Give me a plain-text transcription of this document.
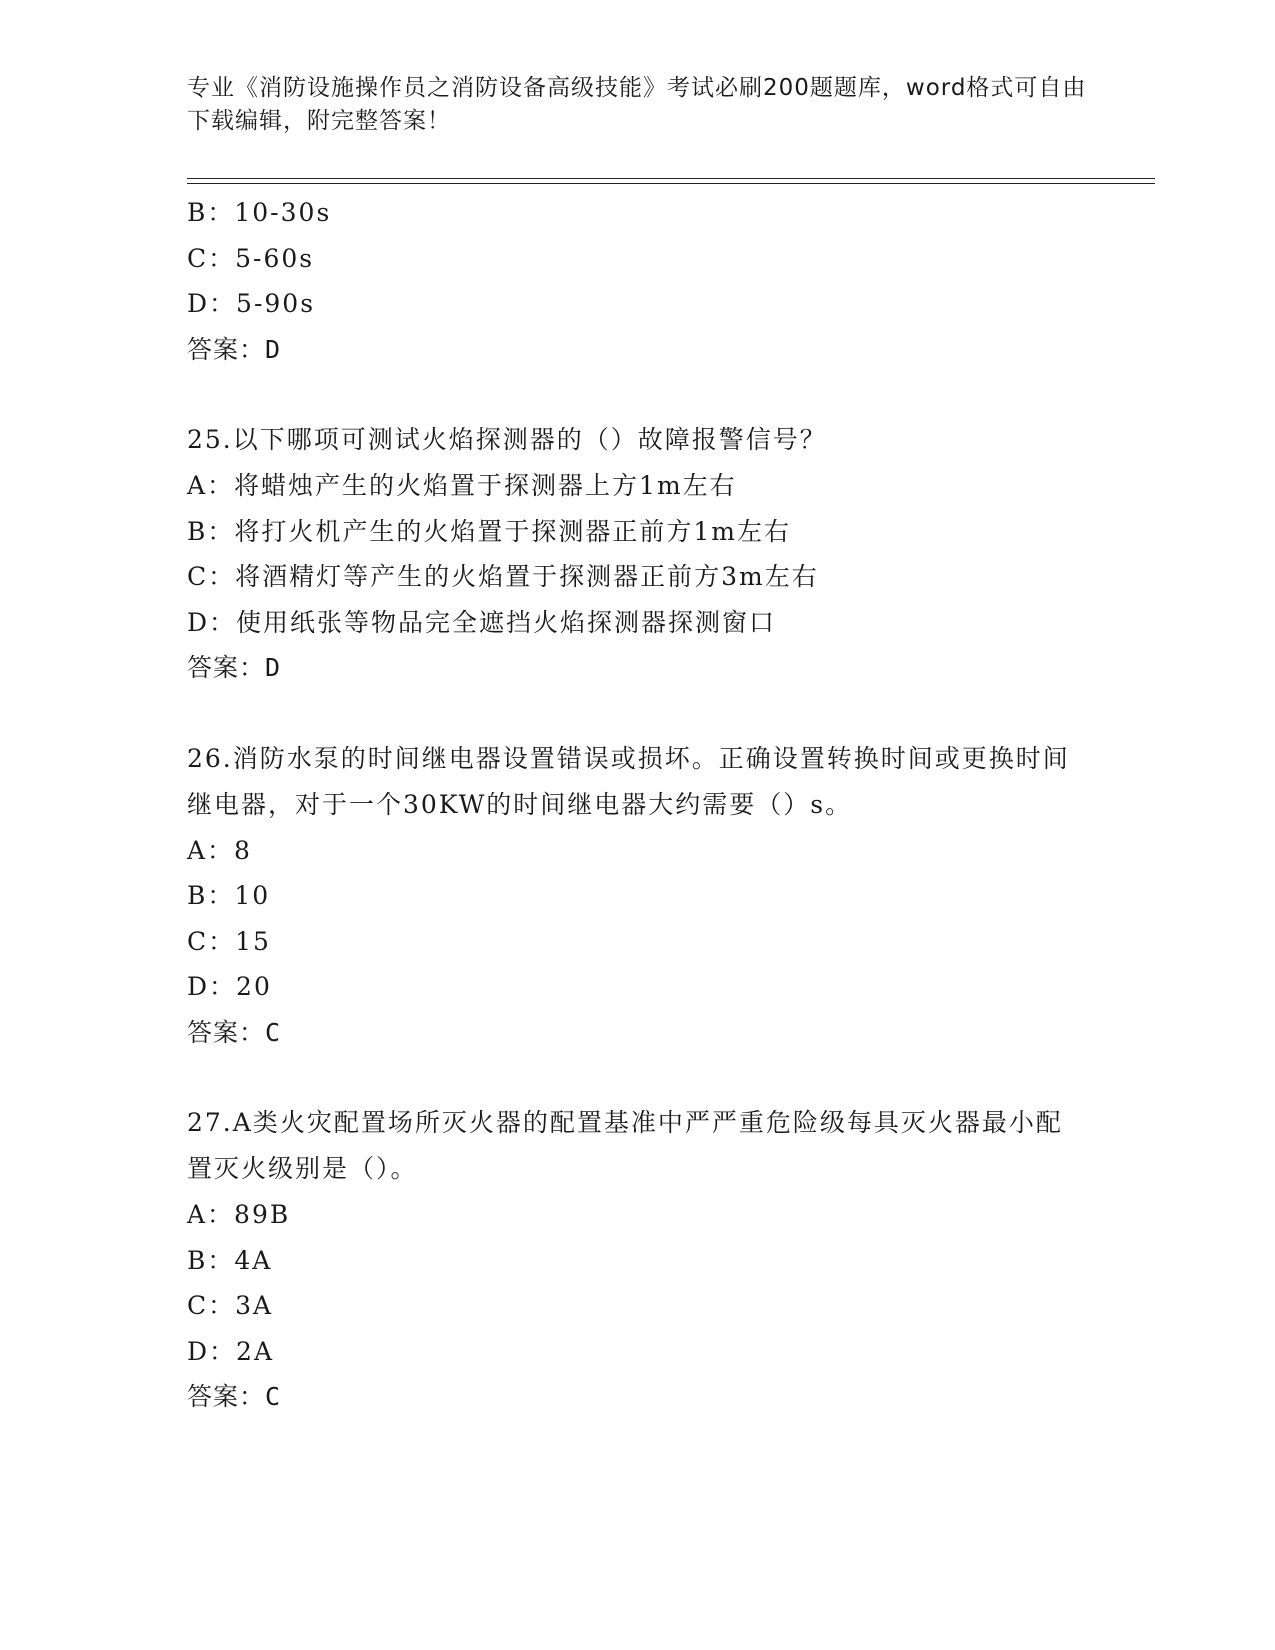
专业《消防设施操作员之消防设备高级技能》考试必刷200题题库，word格式可自由下载编辑，附完整答案！
B：10-30s
C：5-60s
D：5-90s
答案：D
25.以下哪项可测试火焰探测器的（）故障报警信号？
A：将蜡烛产生的火焰置于探测器上方1m左右
B：将打火机产生的火焰置于探测器正前方1m左右
C：将酒精灯等产生的火焰置于探测器正前方3m左右
D：使用纸张等物品完全遮挡火焰探测器探测窗口
答案：D
26.消防水泵的时间继电器设置错误或损坏。正确设置转换时间或更换时间继电器，对于一个30KW的时间继电器大约需要（）s。
A：8
B：10
C：15
D：20
答案：C
27.A类火灾配置场所灭火器的配置基准中严严重危险级每具灭火器最小配置灭火级别是（）。
A：89B
B：4A
C：3A
D：2A
答案：C
